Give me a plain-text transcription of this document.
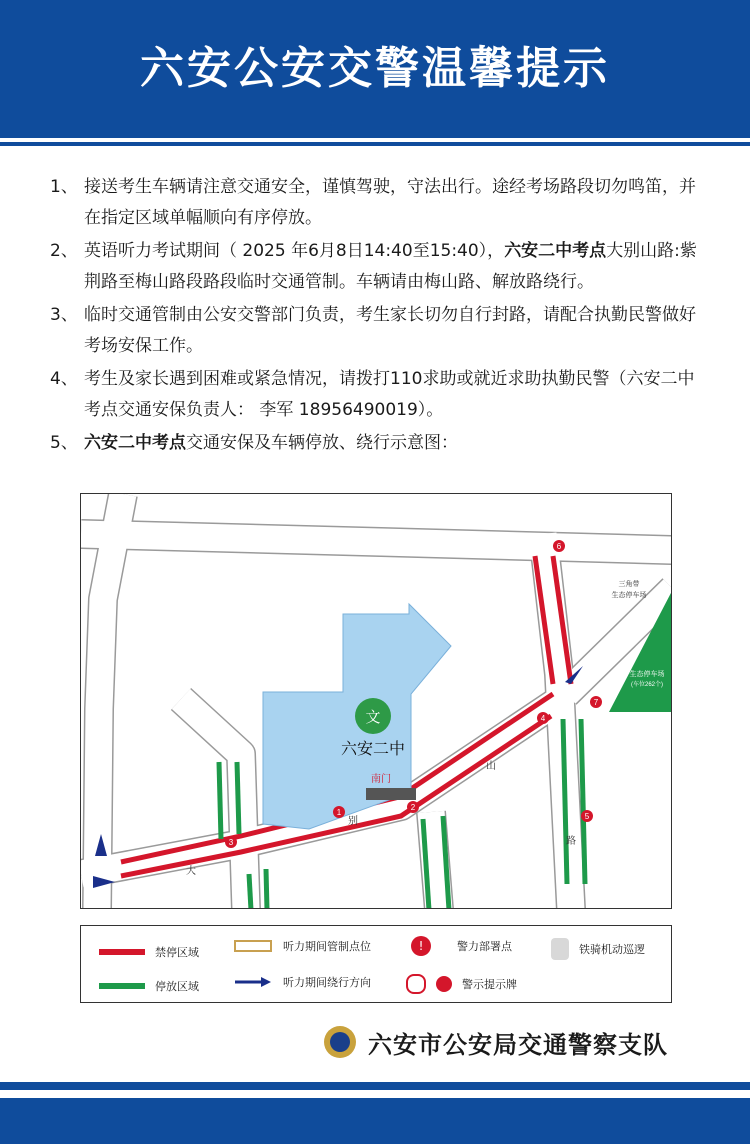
六安公安交警温馨提示
1、 接送考生车辆请注意交通安全，谨慎驾驶，守法出行。途经考场路段切勿鸣笛，并在指定区域单幅顺向有序停放。
2、 英语听力考试期间（ 2025 年6月8日14:40至15:40），六安二中考点大别山路:紫荆路至梅山路段路段临时交通管制。车辆请由梅山路、解放路绕行。
3、 临时交通管制由公安交警部门负责，考生家长切勿自行封路，请配合执勤民警做好考场安保工作。
4、 考生及家长遇到困难或紧急情况，请拨打110求助或就近求助执勤民警（六安二中考点交通安保负责人： 李军 18956490019）。
5、 六安二中考点交通安保及车辆停放、绕行示意图：
1
2
3
4
5
6
7
文
六安二中
南门
三角带
生态停车场
生态停车场
(车位262个)
大
别
山
路
禁停区域
停放区域
听力期间管制点位
听力期间绕行方向
!	警力部署点
警示提示牌
铁骑机动巡逻
六安市公安局交通警察支队
